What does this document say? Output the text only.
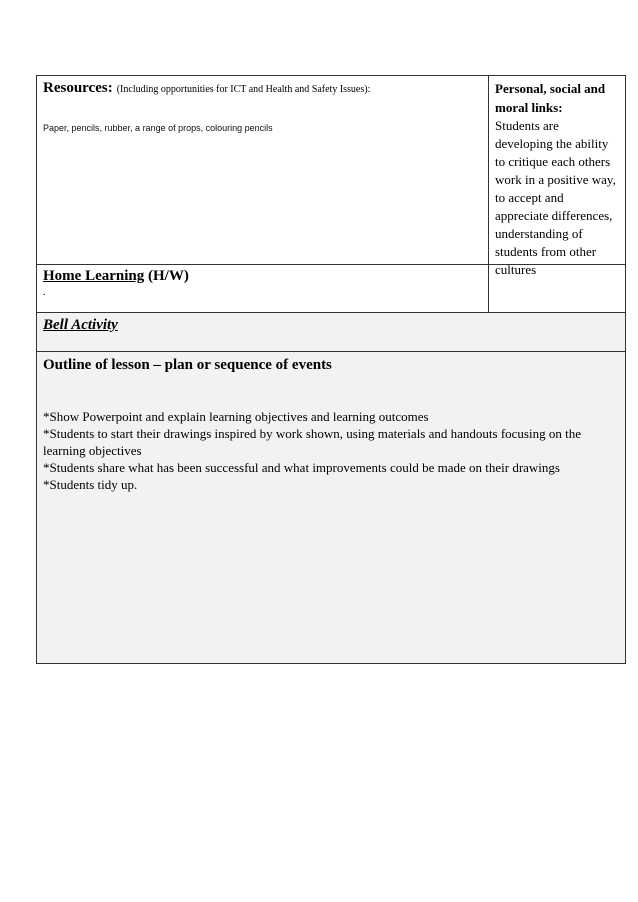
Resources: (Including opportunities for ICT and Health and Safety Issues):
Paper, pencils, rubber, a range of props, colouring pencils
Personal, social and moral links:
Students are developing the ability to critique each others work in a positive way, to accept and appreciate differences, understanding of students from other cultures
Home Learning (H/W)
.
Bell Activity
Outline of lesson – plan or sequence of events

*Show Powerpoint and explain learning objectives and learning outcomes

*Students to start their drawings inspired by work shown, using materials and handouts focusing on the learning objectives

*Students share what has been successful and what improvements could be made on their drawings

*Students tidy up.
